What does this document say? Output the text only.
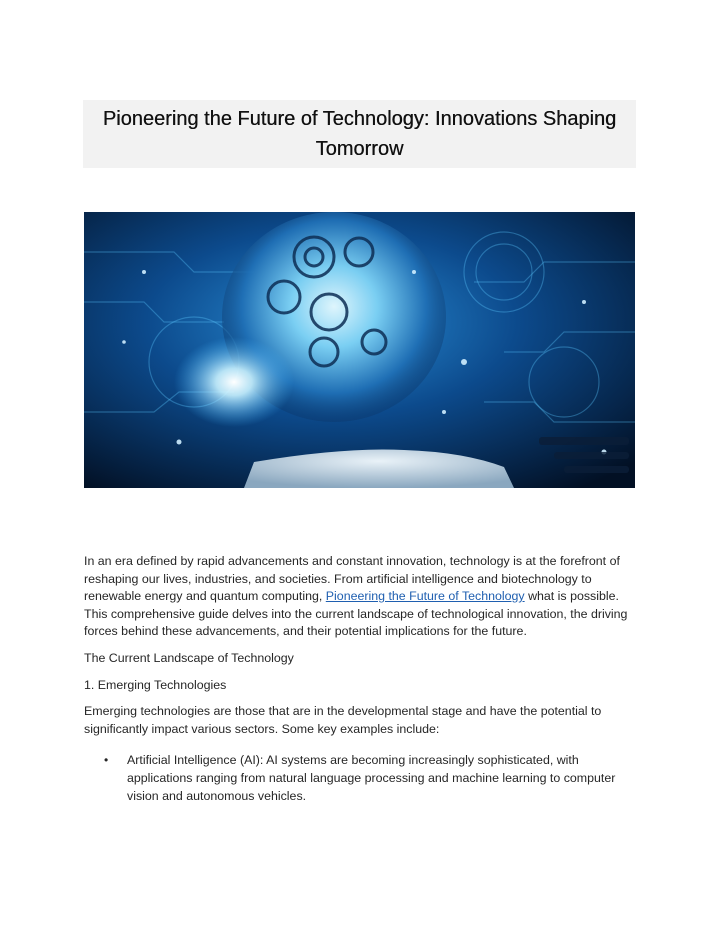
Pioneering the Future of Technology: Innovations Shaping Tomorrow

In an era defined by rapid advancements and constant innovation, technology is at the forefront of reshaping our lives, industries, and societies. From artificial intelligence and biotechnology to renewable energy and quantum computing, Pioneering the Future of Technology what is possible. This comprehensive guide delves into the current landscape of technological innovation, the driving forces behind these advancements, and their potential implications for the future.

The Current Landscape of Technology

1. Emerging Technologies

Emerging technologies are those that are in the developmental stage and have the potential to significantly impact various sectors. Some key examples include:

• Artificial Intelligence (AI): AI systems are becoming increasingly sophisticated, with applications ranging from natural language processing and machine learning to computer vision and autonomous vehicles.
